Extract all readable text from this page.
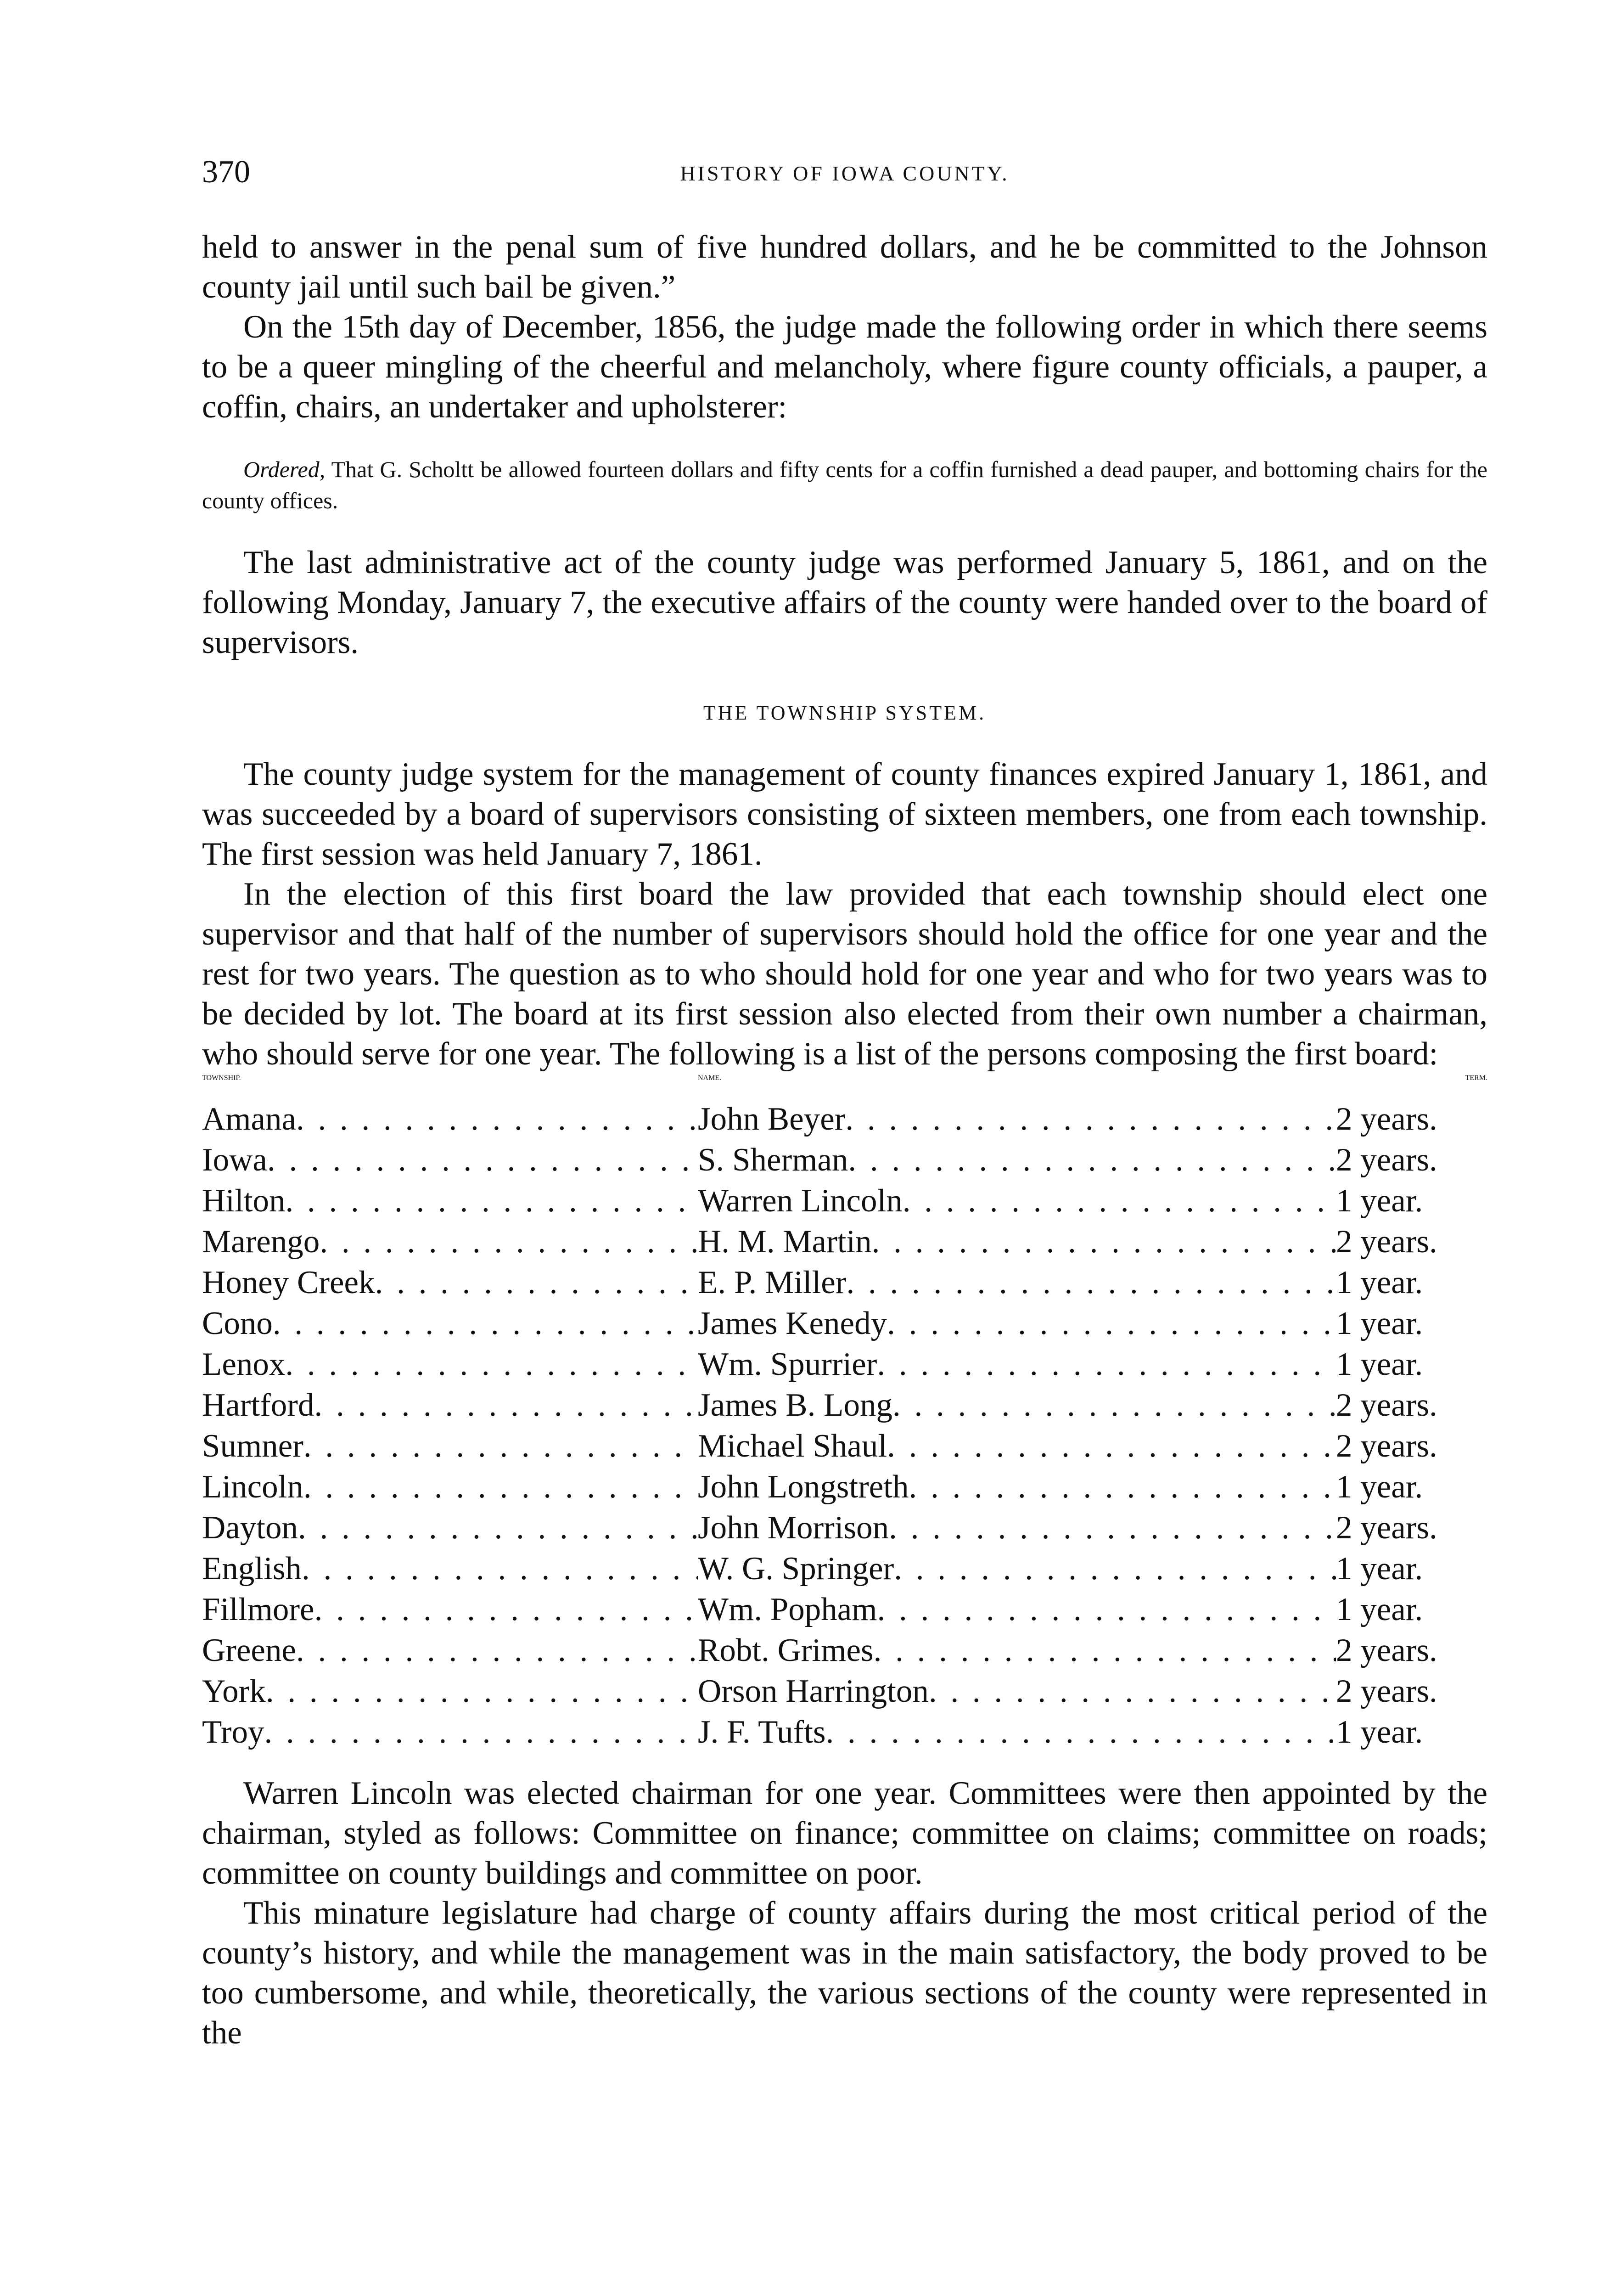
370	HISTORY OF IOWA COUNTY.

held to answer in the penal sum of five hundred dollars, and he be committed to the Johnson county jail until such bail be given.”

On the 15th day of December, 1856, the judge made the following order in which there seems to be a queer mingling of the cheerful and melancholy, where figure county officials, a pauper, a coffin, chairs, an undertaker and upholsterer:

Ordered, That G. Scholtt be allowed fourteen dollars and fifty cents for a coffin furnished a dead pauper, and bottoming chairs for the county offices.

The last administrative act of the county judge was performed January 5, 1861, and on the following Monday, January 7, the executive affairs of the county were handed over to the board of supervisors.

THE TOWNSHIP SYSTEM.

The county judge system for the management of county finances expired January 1, 1861, and was succeeded by a board of supervisors consisting of sixteen members, one from each township. The first session was held January 7, 1861.

In the election of this first board the law provided that each township should elect one supervisor and that half of the number of supervisors should hold the office for one year and the rest for two years. The question as to who should hold for one year and who for two years was to be decided by lot. The board at its first session also elected from their own number a chairman, who should serve for one year. The following is a list of the persons composing the first board:

TOWNSHIP.	NAME.	TERM.
Amana . . .	John Beyer . . .	2 years.
Iowa . . .	S. Sherman . . .	2 years.
Hilton . . .	Warren Lincoln . . .	1 year.
Marengo . . .	H. M. Martin . . .	2 years.
Honey Creek . . .	E. P. Miller . . .	1 year.
Cono . . .	James Kenedy . . .	1 year.
Lenox . . .	Wm. Spurrier . . .	1 year.
Hartford . . .	James B. Long . . .	2 years.
Sumner . . .	Michael Shaul . . .	2 years.
Lincoln . . .	John Longstreth . . .	1 year.
Dayton . . .	John Morrison . . .	2 years.
English . . .	W. G. Springer . . .	1 year.
Fillmore . . .	Wm. Popham . . .	1 year.
Greene . . .	Robt. Grimes . . .	2 years.
York . . .	Orson Harrington . . .	2 years.
Troy . . .	J. F. Tufts . . .	1 year.

Warren Lincoln was elected chairman for one year. Committees were then appointed by the chairman, styled as follows: Committee on finance; committee on claims; committee on roads; committee on county buildings and committee on poor.

This minature legislature had charge of county affairs during the most critical period of the county’s history, and while the management was in the main satisfactory, the body proved to be too cumbersome, and while, theoretically, the various sections of the county were represented in the
